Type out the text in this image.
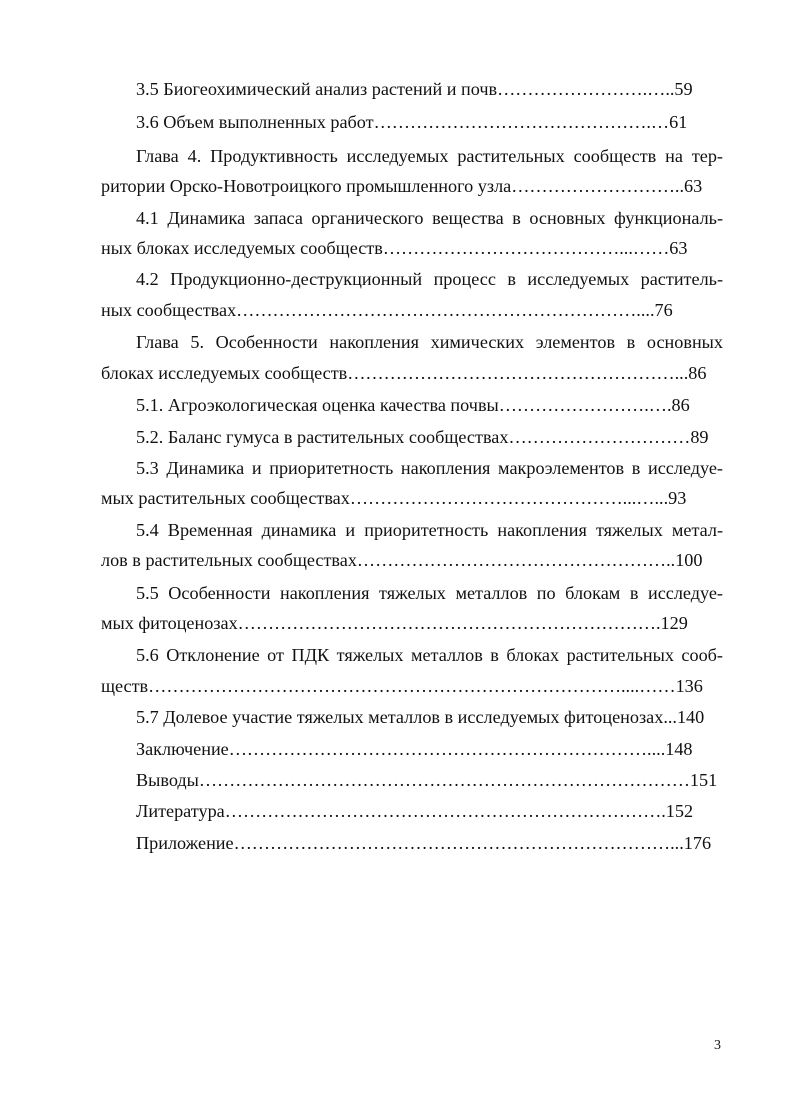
3.5 Биогеохимический анализ растений и почв…………………….…..59
3.6 Объем выполненных работ……………………………………….…61
Глава 4. Продуктивность исследуемых растительных сообществ на тер-
ритории Орско-Новотроицкого промышленного узла………………………..63
4.1 Динамика запаса органического вещества в основных функциональ-
ных блоках исследуемых сообществ…………………………………...……63
4.2 Продукционно-деструкционный процесс в исследуемых раститель-
ных сообществах…………………………………………………………....76
Глава 5. Особенности накопления химических элементов в основных
блоках исследуемых сообществ………………………………………………...86
5.1. Агроэкологическая оценка качества почвы…………………….….86
5.2. Баланс гумуса в растительных сообществах…………………………89
5.3 Динамика и приоритетность накопления макроэлементов в исследуе-
мых растительных сообществах………………………………………...…...93
5.4 Временная динамика и приоритетность накопления тяжелых метал-
лов в растительных сообществах……………………………………………..100
5.5 Особенности накопления тяжелых металлов по блокам в исследуе-
мых фитоценозах…………………………………………………………….129
5.6 Отклонение от ПДК тяжелых металлов в блоках растительных сооб-
ществ……………………………………………………………………....……136
5.7 Долевое участие тяжелых металлов в исследуемых фитоценозах...140
Заключение……………………………………………………………....148
Выводы………………………………………………………………………151
Литература……………………………………………………………….152
Приложение………………………………………………………………...176
3
